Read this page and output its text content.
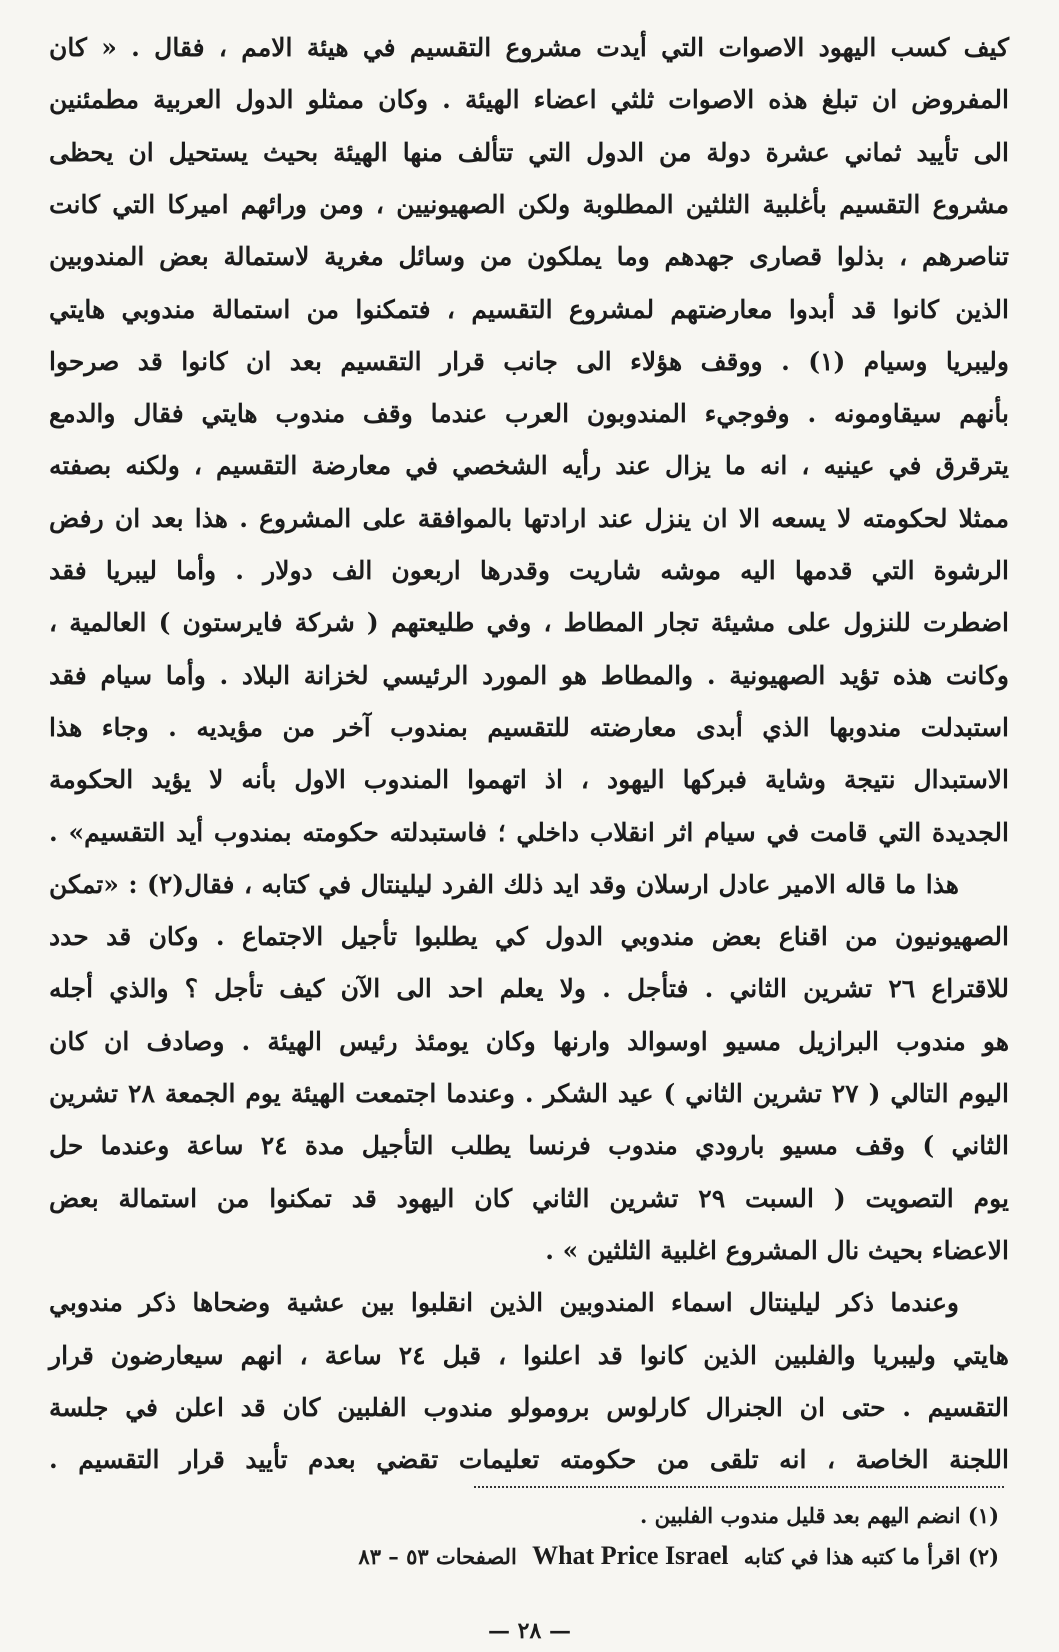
كيف كسب اليهود الاصوات التي أيدت مشروع التقسيم في هيئة الامم ، فقال . « كان
المفروض ان تبلغ هذه الاصوات ثلثي اعضاء الهيئة . وكان ممثلو الدول العربية مطمئنين
الى تأييد ثماني عشرة دولة من الدول التي تتألف منها الهيئة بحيث يستحيل ان يحظى
مشروع التقسيم بأغلبية الثلثين المطلوبة ولكن الصهيونيين ، ومن ورائهم اميركا التي كانت
تناصرهم ، بذلوا قصارى جهدهم وما يملكون من وسائل مغرية لاستمالة بعض المندوبين
الذين كانوا قد أبدوا معارضتهم لمشروع التقسيم ، فتمكنوا من استمالة مندوبي هايتي
وليبريا وسيام (١) . ووقف هؤلاء الى جانب قرار التقسيم بعد ان كانوا قد صرحوا
بأنهم سيقاومونه . وفوجيء المندوبون العرب عندما وقف مندوب هايتي فقال والدمع
يترقرق في عينيه ، انه ما يزال عند رأيه الشخصي في معارضة التقسيم ، ولكنه بصفته
ممثلا لحكومته لا يسعه الا ان ينزل عند ارادتها بالموافقة على المشروع . هذا بعد ان رفض
الرشوة التي قدمها اليه موشه شاريت وقدرها اربعون الف دولار . وأما ليبريا فقد
اضطرت للنزول على مشيئة تجار المطاط ، وفي طليعتهم ( شركة فايرستون ) العالمية ،
وكانت هذه تؤيد الصهيونية . والمطاط هو المورد الرئيسي لخزانة البلاد . وأما سيام فقد
استبدلت مندوبها الذي أبدى معارضته للتقسيم بمندوب آخر من مؤيديه . وجاء هذا
الاستبدال نتيجة وشاية فبركها اليهود ، اذ اتهموا المندوب الاول بأنه لا يؤيد الحكومة
الجديدة التي قامت في سيام اثر انقلاب داخلي ؛ فاستبدلته حكومته بمندوب أيد التقسيم» .
هذا ما قاله الامير عادل ارسلان وقد ايد ذلك الفرد ليلينتال في كتابه ، فقال(٢) : «تمكن
الصهيونيون من اقناع بعض مندوبي الدول كي يطلبوا تأجيل الاجتماع . وكان قد حدد
للاقتراع ٢٦ تشرين الثاني . فتأجل . ولا يعلم احد الى الآن كيف تأجل ؟ والذي أجله
هو مندوب البرازيل مسيو اوسوالد وارنها وكان يومئذ رئيس الهيئة . وصادف ان كان
اليوم التالي ( ٢٧ تشرين الثاني ) عيد الشكر . وعندما اجتمعت الهيئة يوم الجمعة ٢٨ تشرين
الثاني ) وقف مسيو بارودي مندوب فرنسا يطلب التأجيل مدة ٢٤ ساعة وعندما حل
يوم التصويت ( السبت ٢٩ تشرين الثاني كان اليهود قد تمكنوا من استمالة بعض
الاعضاء بحيث نال المشروع اغلبية الثلثين » .
وعندما ذكر ليلينتال اسماء المندوبين الذين انقلبوا بين عشية وضحاها ذكر مندوبي
هايتي وليبريا والفلبين الذين كانوا قد اعلنوا ، قبل ٢٤ ساعة ، انهم سيعارضون قرار
التقسيم . حتى ان الجنرال كارلوس برومولو مندوب الفلبين كان قد اعلن في جلسة
اللجنة الخاصة ، انه تلقى من حكومته تعليمات تقضي بعدم تأييد قرار التقسيم .
(١) انضم اليهم بعد قليل مندوب الفلبين .
(٢) اقرأ ما كتبه هذا في كتابه What Price Israel الصفحات ٥٣ – ٨٣
— ٢٨ —
